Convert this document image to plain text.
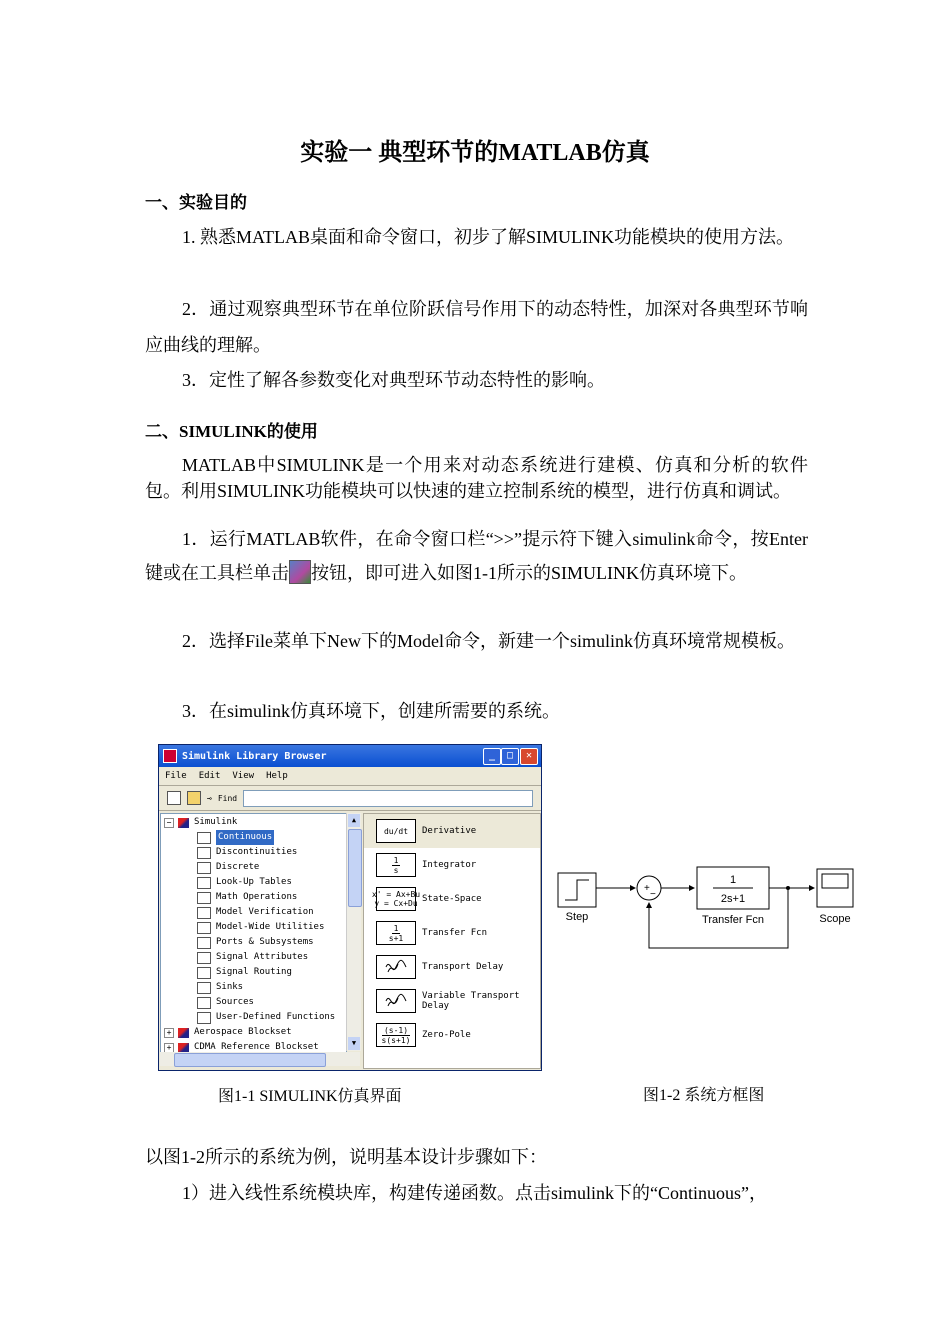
实验一 典型环节的MATLAB仿真
一、实验目的
1. 熟悉MATLAB桌面和命令窗口，初步了解SIMULINK功能模块的使用方法。
2．通过观察典型环节在单位阶跃信号作用下的动态特性，加深对各典型环节响应曲线的理解。
3．定性了解各参数变化对典型环节动态特性的影响。
二、SIMULINK的使用
MATLAB中SIMULINK是一个用来对动态系统进行建模、仿真和分析的软件包。利用SIMULINK功能模块可以快速的建立控制系统的模型，进行仿真和调试。
1．运行MATLAB软件，在命令窗口栏“>>”提示符下键入simulink命令，按Enter键或在工具栏单击 按钮，即可进入如图1-1所示的SIMULINK仿真环境下。
2．选择File菜单下New下的Model命令，新建一个simulink仿真环境常规模板。
3．在simulink仿真环境下，创建所需要的系统。
Simulink Library Browser	_	□	✕
File Edit View Help
⊸ Find
−	Simulink
Continuous
Discontinuities
Discrete
Look-Up Tables
Math Operations
Model Verification
Model-Wide Utilities
Ports & Subsystems
Signal Attributes
Signal Routing
Sinks
Sources
User-Defined Functions
+	Aerospace Blockset
+	CDMA Reference Blockset
▲
▼
du/dt Derivative
$\frac{1}{s}$ Integrator
x' = Ax+Bu
y = Cx+Du State-Space
$\frac{1}{s+1}$ Transfer Fcn
Transport Delay
Variable Transport
Delay
$\frac{(s-1)}{s(s+1)}$ Zero-Pole
Step
+
−
1
2s+1
Transfer Fcn	Scope
图1-1 SIMULINK仿真界面	图1-2 系统方框图
以图1-2所示的系统为例，说明基本设计步骤如下：
1）进入线性系统模块库，构建传递函数。点击simulink下的“Continuous”，
